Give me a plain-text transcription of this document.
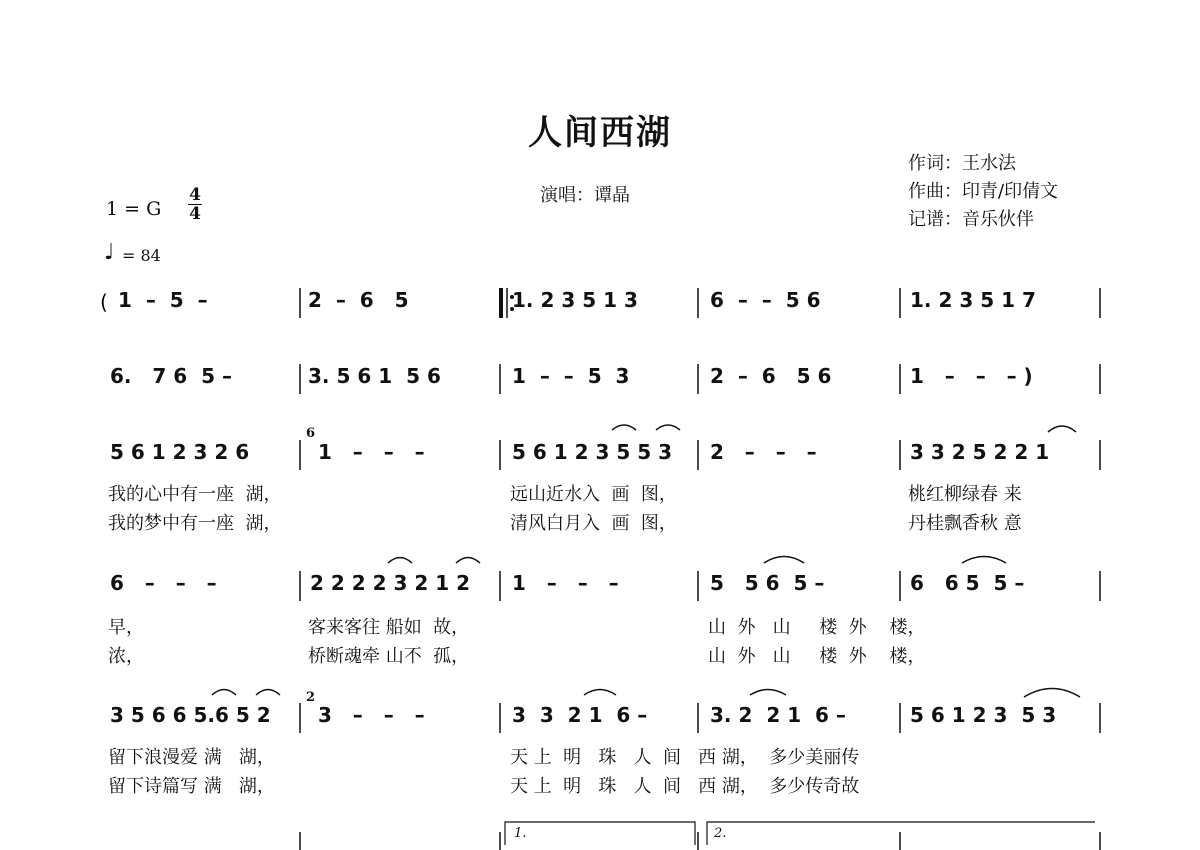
人间西湖
演唱：谭晶
作词：王水法
作曲：印青/印倩文
记谱：音乐伙伴
1 = G $\frac{4}{4}$
♩ = 84
( 1  –  5  –	2  –  6   5	1. 2 3 5 1 3	6  –  –  5 6	1. 2 3 5 1 7
6.   7 6  5 –	3. 5 6 1  5 6	1  –  –  5  3	2  –  6   5 6	1   –   –   – )
5 6 1 2 3 2 6	1   –   –   –	5 6 1 2 3 5 5 3 2   –   –   –	3 3 2 5 2 2 1
6   –   –   –	2 2 2 2 3 2 1 2 1   –   –   –	5   5 6  5 –	6   6 5  5 –
3 5 6 6 5.6 5 2 3   –   –   –	3  3  2 1  6 –	3. 2  2 1  6 –	5 6 1 2 3  5 3
我的心中有一座  湖，	远山近水入  画  图，	桃红柳绿春 来
我的梦中有一座  湖，	清风白月入  画  图，	丹桂飘香秋 意
早，	客来客往 船如  故，	山  外   山     楼  外    楼，
浓，	桥断魂牵 山不  孤，	山  外   山     楼  外    楼，
留下浪漫爱 满   湖，	天 上  明   珠   人  间   西 湖，  多少美丽传
留下诗篇写 满   湖，	天 上  明   珠   人  间   西 湖，  多少传奇故
6
2
1.	2.
